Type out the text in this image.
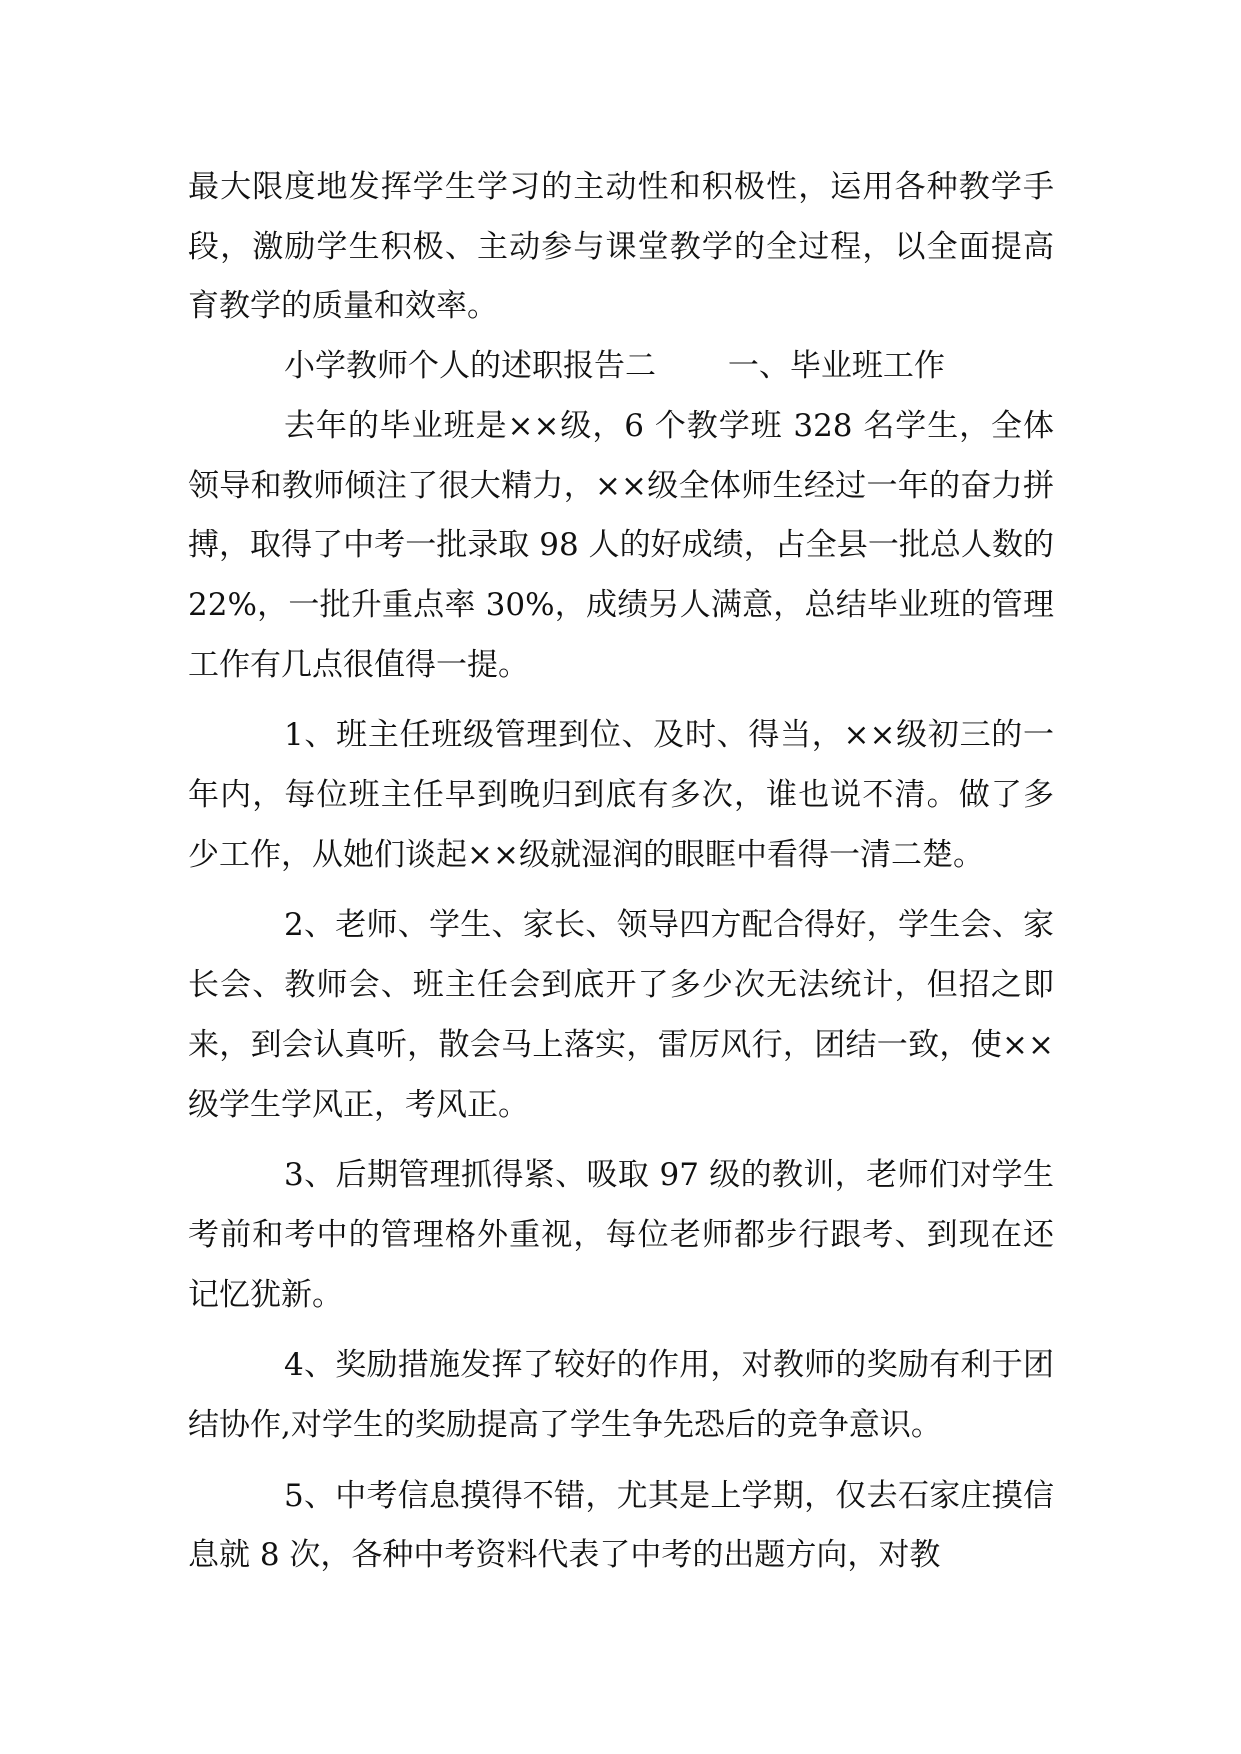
最大限度地发挥学生学习的主动性和积极性，运用各种教学手段，激励学生积极、主动参与课堂教学的全过程，以全面提高育教学的质量和效率。

小学教师个人的述职报告二　　 一、毕业班工作

去年的毕业班是××级，6 个教学班 328 名学生，全体领导和教师倾注了很大精力，××级全体师生经过一年的奋力拼搏，取得了中考一批录取 98 人的好成绩，占全县一批总人数的 22%，一批升重点率 30%，成绩另人满意，总结毕业班的管理工作有几点很值得一提。

1、班主任班级管理到位、及时、得当，××级初三的一年内，每位班主任早到晚归到底有多次，谁也说不清。做了多少工作，从她们谈起××级就湿润的眼眶中看得一清二楚。

2、老师、学生、家长、领导四方配合得好，学生会、家长会、教师会、班主任会到底开了多少次无法统计，但招之即来，到会认真听，散会马上落实，雷厉风行，团结一致，使××级学生学风正，考风正。

3、后期管理抓得紧、吸取 97 级的教训，老师们对学生考前和考中的管理格外重视，每位老师都步行跟考、到现在还记忆犹新。

4、奖励措施发挥了较好的作用，对教师的奖励有利于团结协作,对学生的奖励提高了学生争先恐后的竞争意识。

5、中考信息摸得不错，尤其是上学期，仅去石家庄摸信息就 8 次，各种中考资料代表了中考的出题方向，对教
